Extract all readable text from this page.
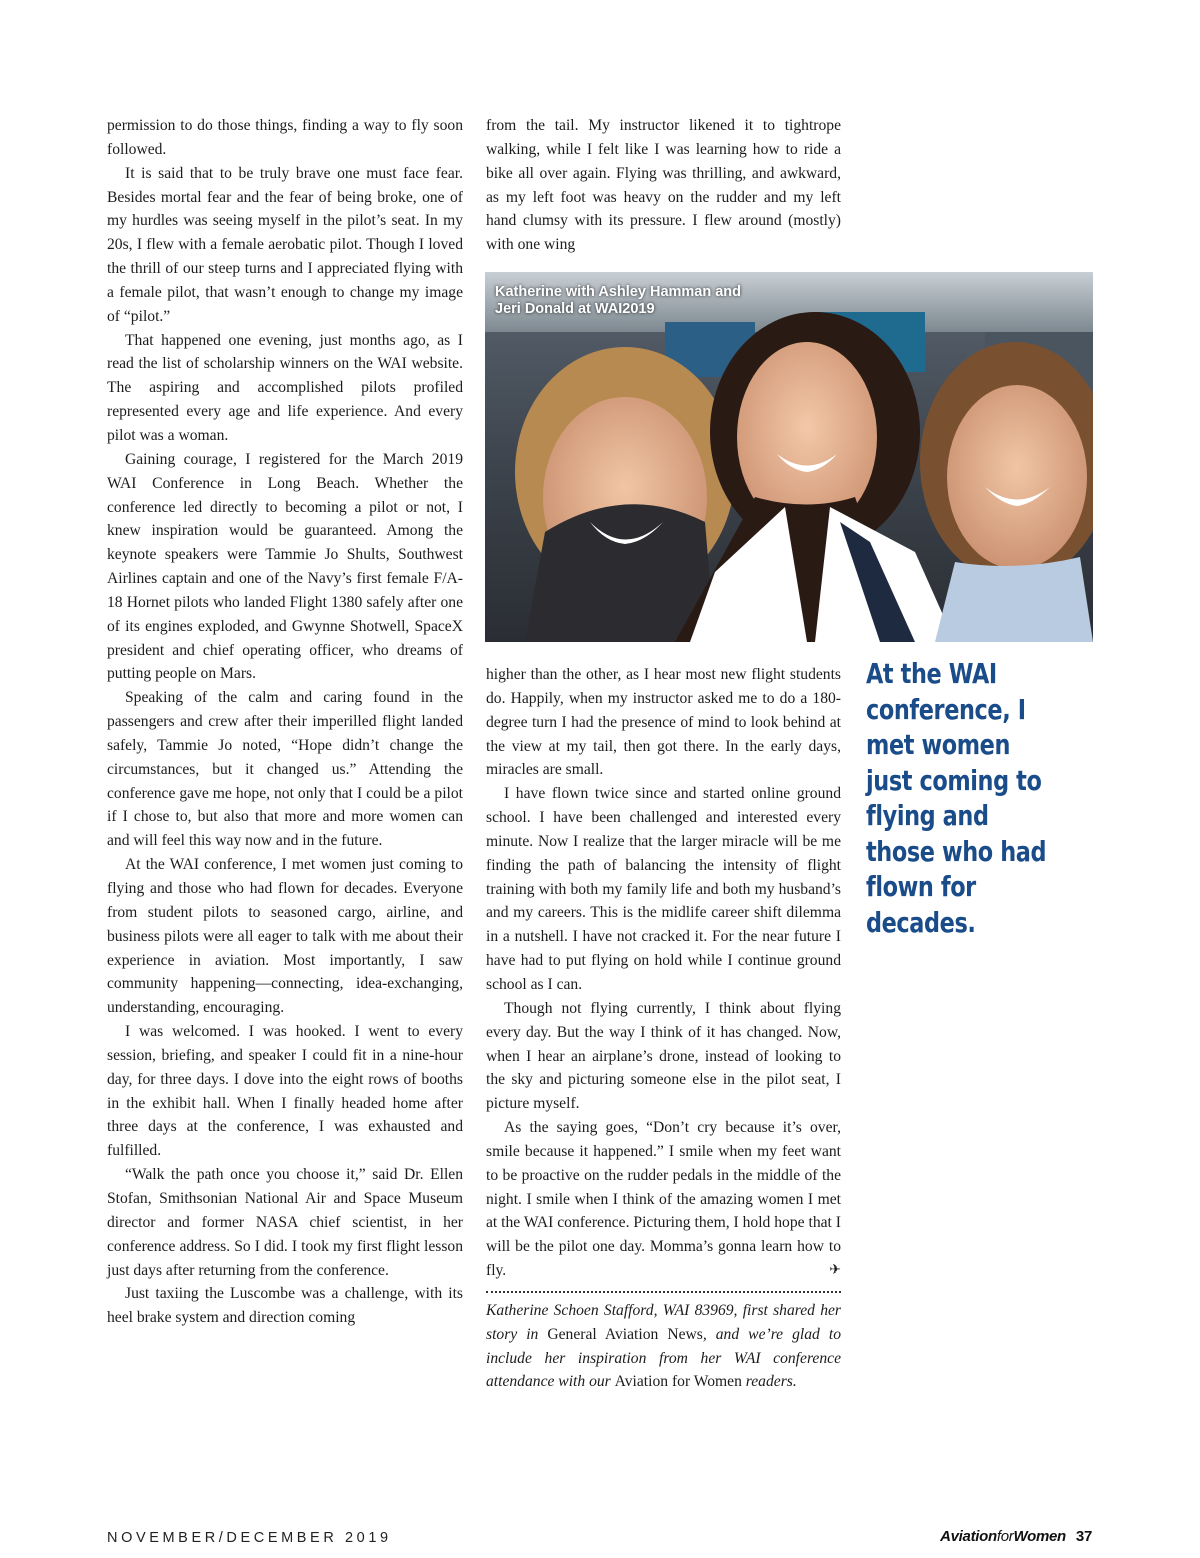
permission to do those things, finding a way to fly soon followed.

It is said that to be truly brave one must face fear. Besides mortal fear and the fear of being broke, one of my hurdles was seeing myself in the pilot’s seat. In my 20s, I flew with a female aerobatic pilot. Though I loved the thrill of our steep turns and I appreciated flying with a female pilot, that wasn’t enough to change my image of “pilot.”

That happened one evening, just months ago, as I read the list of scholarship winners on the WAI website. The aspiring and accomplished pilots profiled represented every age and life experience. And every pilot was a woman.

Gaining courage, I registered for the March 2019 WAI Conference in Long Beach. Whether the conference led directly to becoming a pilot or not, I knew inspiration would be guaranteed. Among the keynote speakers were Tammie Jo Shults, Southwest Airlines captain and one of the Navy’s first female F/A-18 Hornet pilots who landed Flight 1380 safely after one of its engines exploded, and Gwynne Shotwell, SpaceX president and chief operating officer, who dreams of putting people on Mars.

Speaking of the calm and caring found in the passengers and crew after their imperilled flight landed safely, Tammie Jo noted, “Hope didn’t change the circumstances, but it changed us.” Attending the conference gave me hope, not only that I could be a pilot if I chose to, but also that more and more women can and will feel this way now and in the future.

At the WAI conference, I met women just coming to flying and those who had flown for decades. Everyone from student pilots to seasoned cargo, airline, and business pilots were all eager to talk with me about their experience in aviation. Most importantly, I saw community happening—connecting, idea-exchanging, understanding, encouraging.

I was welcomed. I was hooked. I went to every session, briefing, and speaker I could fit in a nine-hour day, for three days. I dove into the eight rows of booths in the exhibit hall. When I finally headed home after three days at the conference, I was exhausted and fulfilled.

“Walk the path once you choose it,” said Dr. Ellen Stofan, Smithsonian National Air and Space Museum director and former NASA chief scientist, in her conference address. So I did. I took my first flight lesson just days after returning from the conference.

Just taxiing the Luscombe was a challenge, with its heel brake system and direction coming

from the tail. My instructor likened it to tightrope walking, while I felt like I was learning how to ride a bike all over again. Flying was thrilling, and awkward, as my left foot was heavy on the rudder and my left hand clumsy with its pressure. I flew around (mostly) with one wing

Katherine with Ashley Hamman and Jeri Donald at WAI2019

higher than the other, as I hear most new flight students do. Happily, when my instructor asked me to do a 180-degree turn I had the presence of mind to look behind at the view at my tail, then got there. In the early days, miracles are small.

I have flown twice since and started online ground school. I have been challenged and interested every minute. Now I realize that the larger miracle will be me finding the path of balancing the intensity of flight training with both my family life and both my husband’s and my careers. This is the midlife career shift dilemma in a nutshell. I have not cracked it. For the near future I have had to put flying on hold while I continue ground school as I can.

Though not flying currently, I think about flying every day. But the way I think of it has changed. Now, when I hear an airplane’s drone, instead of looking to the sky and picturing someone else in the pilot seat, I picture myself.

As the saying goes, “Don’t cry because it’s over, smile because it happened.” I smile when my feet want to be proactive on the rudder pedals in the middle of the night. I smile when I think of the amazing women I met at the WAI conference. Picturing them, I hold hope that I will be the pilot one day. Momma’s gonna learn how to fly.	✈

Katherine Schoen Stafford, WAI 83969, first shared her story in General Aviation News, and we’re glad to include her inspiration from her WAI conference attendance with our Aviation for Women readers.

At the WAI conference, I met women just coming to flying and those who had flown for decades.
NOVEMBER/DECEMBER 2019	AviationforWomen 37
